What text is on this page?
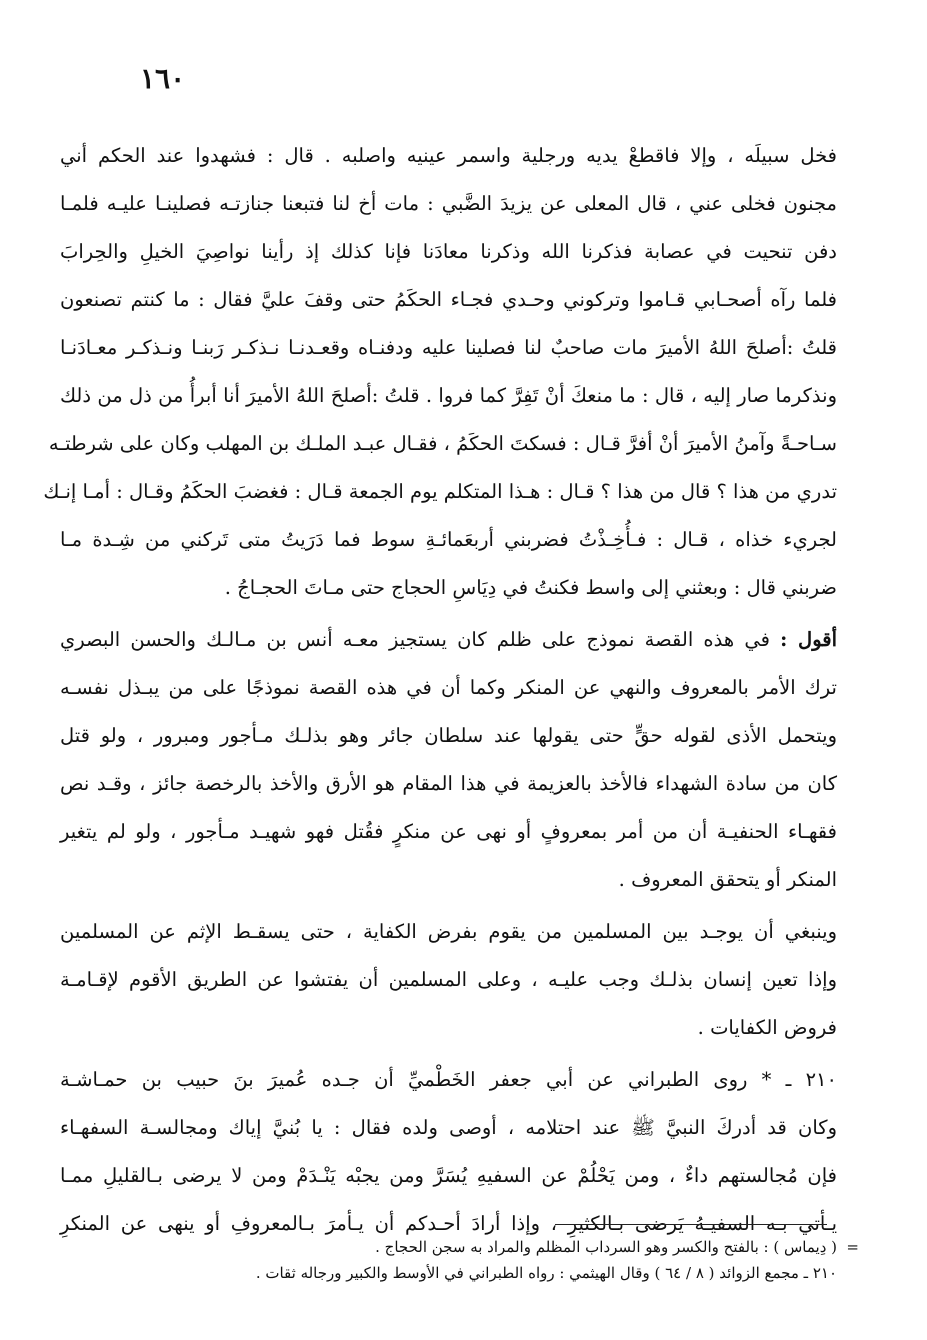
١٦٠
فخل سبيلَه ، وإلا فاقطعْ يديه ورجلية واسمر عينيه واصلبه . قال : فشهدوا عند الحكم أني
مجنون فخلى عني ، قال المعلى عن يزيدَ الضَّبي : مات أخ لنا فتبعنا جنازتـه فصلينـا عليـه فلمـا
دفن تنحيت في عصابة فذكرنا الله وذكرنا معادَنا فإنا كذلك إذ رأينا نواصِيَ الخيلِ والحِرابَ
فلما رآه أصحـابي قـاموا وتركوني وحـدي فجـاء الحكَمُ حتى وقفَ عليَّ فقال : ما كنتم تصنعون
قلتُ :أصلحَ اللهُ الأميرَ مات صاحبٌ لنا فصلينا عليه ودفنـاه وقعـدنـا نـذكـر رَبنـا ونـذكـر معـادَنـا
ونذكرما صار إليه ، قال : ما منعكَ أنْ تَفِرَّ كما فروا . قلتُ :أصلحَ اللهُ الأميرَ أنا أبرأُ من ذل من ذلك
سـاحـةً وآمنُ الأميرَ أنْ أفرَّ قـال : فسكتَ الحكَمُ ، فقـال عبـد الملـك بن المهلب وكان على شرطتـه
تدري من هذا ؟ قال من هذا ؟ قـال : هـذا المتكلم يوم الجمعة قـال : فغضبَ الحكَمُ وقـال : أمـا إنـك
لجريء خذاه ، قـال : فـأُخِـذْتُ فضربني أربعَمائـةِ سوط فما دَرَيتُ متى تَركني من شِـدة مـا
ضربني قال : وبعثني إلى واسط فكنتُ في دِيَاسِ الحجاج حتى مـاتَ الحجـاجُ .
أقول : في هذه القصة نموذج على ظلم كان يستجيز معـه أنس بن مـالـك والحسن البصري
ترك الأمر بالمعروف والنهي عن المنكر وكما أن في هذه القصة نموذجًا على من يبـذل نفسـه
ويتحمل الأذى لقوله حقٍّ حتى يقولها عند سلطان جائر وهو بذلـك مـأجور ومبرور ، ولو قتل
كان من سادة الشهداء فالأخذ بالعزيمة في هذا المقام هو الأرق والأخذ بالرخصة جائز ، وقـد نص
فقهـاء الحنفيـة أن من أمر بمعروفٍ أو نهى عن منكرٍ فقُتل فهو شهيـد مـأجور ، ولو لم يتغير
المنكر أو يتحقق المعروف .
وينبغي أن يوجـد بين المسلمين من يقوم بفرض الكفاية ، حتى يسقـط الإثم عن المسلمين
وإذا تعين إنسان بذلـك وجب عليـه ، وعلى المسلمين أن يفتشوا عن الطريق الأقوم لإقـامـة
فروض الكفايات .
٢١٠ ـ * روى الطبراني عن أبي جعفر الخَطْميِّ أن جـده عُميرَ بنَ حبيب بن حمـاشـة
وكان قد أدركَ النبيَّ ﷺ عند احتلامه ، أوصى ولده فقال : يا بُنيَّ إياك ومجالسـة السفهـاء
فإن مُجالستهم داءٌ ، ومن يَحْلُمْ عن السفيهِ يُسَرَّ ومن يجبْه يَنْـدَمْ ومن لا يرضى بـالقليلِ ممـا
يـأتي بـه السفيـهُ يَرضى بـالكثيرِ ، وإذا أرادَ أحـدكم أن يـأمرَ بـالمعروفِ أو ينهى عن المنكرِ
=
( دِيماس ) : بالفتح والكسر وهو السرداب المظلم والمراد به سجن الحجاج .
٢١٠ ـ مجمع الزوائد ( ٨ / ٦٤ ) وقال الهيثمي : رواه الطبراني في الأوسط والكبير ورجاله ثقات .
